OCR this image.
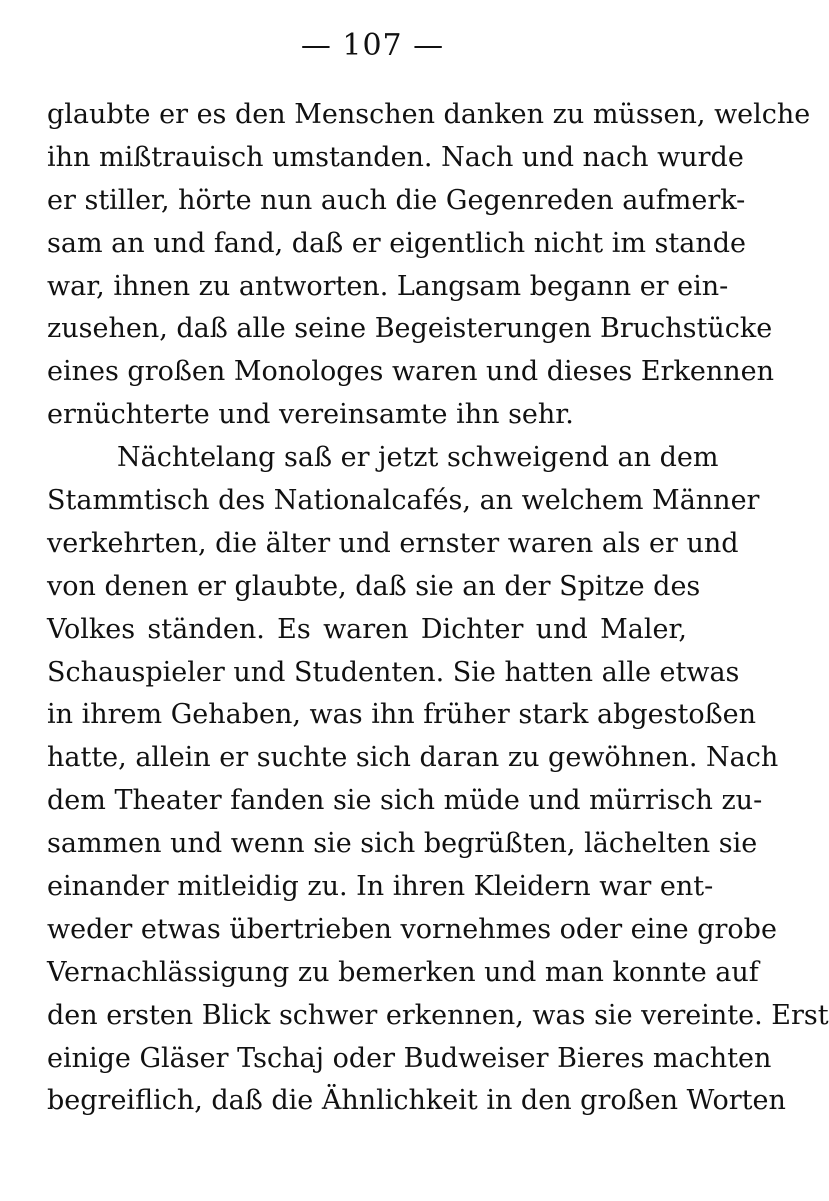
— 107 —
glaubte er es den Menschen danken zu müssen, welche
ihn mißtrauisch umstanden. Nach und nach wurde
er stiller, hörte nun auch die Gegenreden aufmerk-
sam an und fand, daß er eigentlich nicht im stande
war, ihnen zu antworten. Langsam begann er ein-
zusehen, daß alle seine Begeisterungen Bruchstücke
eines großen Monologes waren und dieses Erkennen
ernüchterte und vereinsamte ihn sehr.
Nächtelang saß er jetzt schweigend an dem
Stammtisch des Nationalcafés, an welchem Männer
verkehrten, die älter und ernster waren als er und
von denen er glaubte, daß sie an der Spitze des
Volkes ständen. Es waren Dichter und Maler,
Schauspieler und Studenten. Sie hatten alle etwas
in ihrem Gehaben, was ihn früher stark abgestoßen
hatte, allein er suchte sich daran zu gewöhnen. Nach
dem Theater fanden sie sich müde und mürrisch zu-
sammen und wenn sie sich begrüßten, lächelten sie
einander mitleidig zu. In ihren Kleidern war ent-
weder etwas übertrieben vornehmes oder eine grobe
Vernachlässigung zu bemerken und man konnte auf
den ersten Blick schwer erkennen, was sie vereinte. Erst
einige Gläser Tschaj oder Budweiser Bieres machten
begreiflich, daß die Ähnlichkeit in den großen Worten
